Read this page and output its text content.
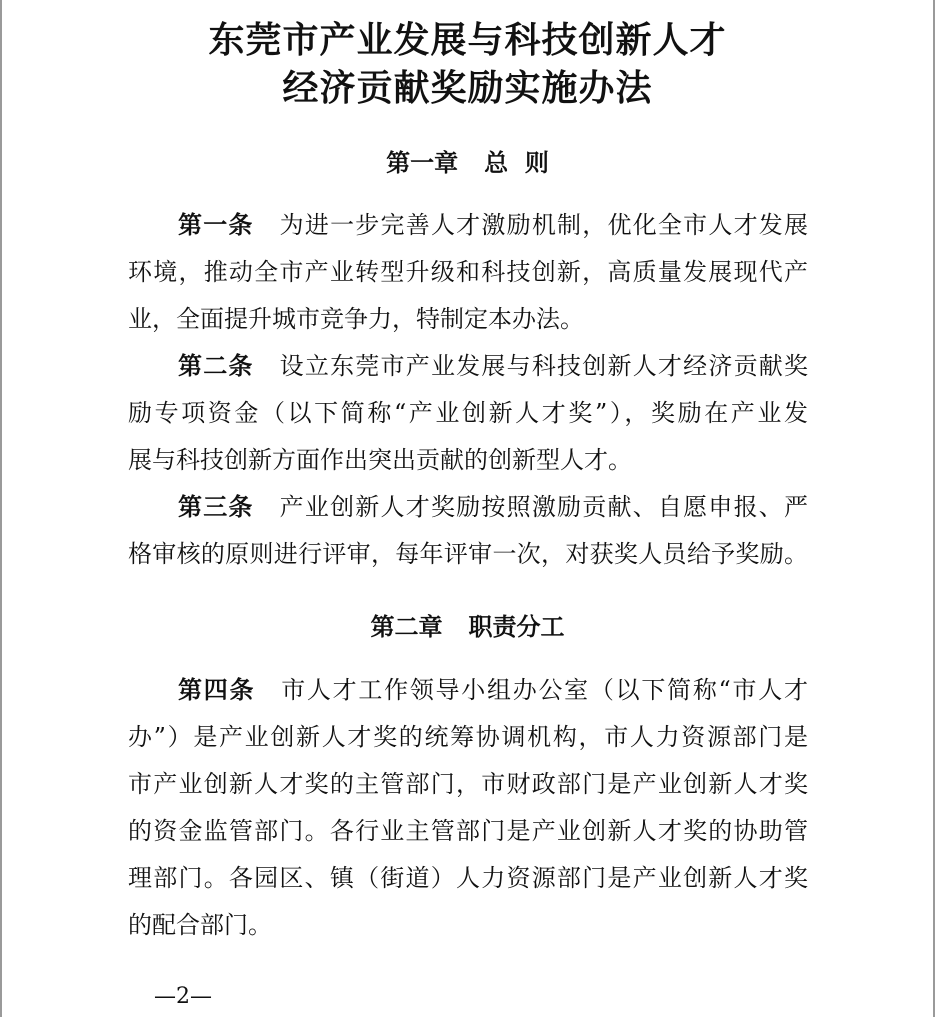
东莞市产业发展与科技创新人才
经济贡献奖励实施办法
第一章 总  则
第一条 为进一步完善人才激励机制，优化全市人才发展
环境，推动全市产业转型升级和科技创新，高质量发展现代产
业，全面提升城市竞争力，特制定本办法。
第二条 设立东莞市产业发展与科技创新人才经济贡献奖
励专项资金（以下简称“产业创新人才奖”），奖励在产业发
展与科技创新方面作出突出贡献的创新型人才。
第三条 产业创新人才奖励按照激励贡献、自愿申报、严
格审核的原则进行评审，每年评审一次，对获奖人员给予奖励。
第二章 职责分工
第四条 市人才工作领导小组办公室（以下简称“市人才
办”）是产业创新人才奖的统筹协调机构，市人力资源部门是
市产业创新人才奖的主管部门，市财政部门是产业创新人才奖
的资金监管部门。各行业主管部门是产业创新人才奖的协助管
理部门。各园区、镇（街道）人力资源部门是产业创新人才奖
的配合部门。
—2—
